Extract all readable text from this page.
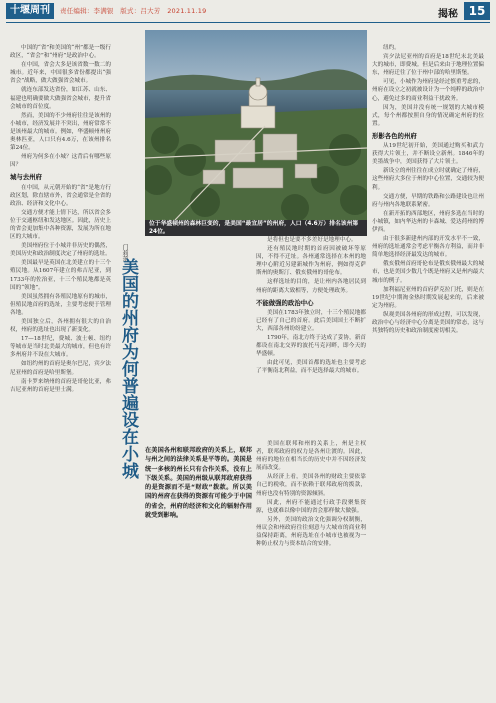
十堰周刊	责任编辑：李满银　版式：吕大芳　2021.11.19	揭秘 15

中国的“省”和美国的“州”都是一级行政区，“省会”和“州府”是政治中心。

在中国，省会大多是该省数一数二的城市。近年来，中国很多省份都提出“强省会”战略，做大做强省会城市。

就连东部发达省份，如江苏、山东、福建也明确要做大做强省会城市，提升省会城市的首位度。

然而，美国的不少州府往往是该州的小城市，经济发展并不突出，州府常常不是该州最大的城市。例如，华盛顿州州府奥林匹亚，人口只有4.6万，在该州排名第24位。

州府为何多在小城？这背后有哪些原因？

城与去州府

在中国，从元朝开始的“省”是地方行政区划，除直辖市外，省会通常是全省的政治、经济和文化中心。

交通方便才能上情下达，所以省会多位于交通枢纽和发达地区。因此，历史上的省会更加集中各种资源，发展为所在地区的大城市。

美国州府位于小城并非历史的偶然，美国历史和政治制度决定了州府的选址。

美国最早是英国在北美建立的十三个殖民地。从1607年建立的弗吉尼亚，到1733年的佐治亚，十三个殖民地都是英国的“领地”。

美国虽然拥有各殖民地原有的城市，但殖民地首府的选址，主要考虑便于管理各地。

美国独立后，各州拥有很大的自治权，州府的选址也出现了新变化。

17—18世纪，费城、波士顿、纽约等城市是当时北美最大的城市，但也有许多州府并不设在大城市。

如纽约州的首府是奥尔巴尼，宾夕法尼亚州的首府是哈里斯堡。

南卡罗来纳州的首府是哥伦比亚，弗吉尼亚州的首府是里士满。

位于华盛顿州的森林巨变的，是美国“最宜居”的州府，人口（4.6万）排名该州第24位。
门莉蕾
美国的州府为何普遍设在小城

是将但也是要不多差好是地理中心。

还有殖民地时期的首府因被破坏等原因，不得不迁址。各州通常选择在本州的地理中心附近另建新城作为州府，例如得克萨斯州的奥斯汀、俄亥俄州的哥伦布。

这样选址的目的，是让州内各地居民到州府的距离大致相等，方便处理政务。

不能做强的政治中心

美国在1783年独立时，十三个殖民地都已经有了自己的首府。此后美国国土不断扩大，西部各州纷纷建立。

1790年，南北方终于达成了妥协，新首都设在南北交界的波托马克河畔，即今天的华盛顿。

由此可见，美国首都的选址也主要考虑了平衡南北利益，而不是选择最大的城市。

在美国各州和联邦政府的关系上，联邦与州之间的法律关系是平等的。美国是统一多核的州长只有合作关系，没有上下级关系。美国的州级从联邦政府获得的是资源而不是“财政”拨款。所以美国的州府在获得的资源有可能少于中国的省会，州府的经济和文化的辐射作用就受到影响。

美国在联邦和州的关系上，州是主权者，联邦政府的权力是各州让渡的。因此，州府的地位在相当长的历史中并不因经济发展而改变。

从经济上看，美国各州的财政主要依靠自己的税收，而不依赖于联邦政府的拨款，州府也没有特别的资源倾斜。

因此，州府不能通过行政手段聚集资源，也就难以像中国的省会那样做大做强。

另外，美国的政治文化强调分权制衡，州议会和州政府往往刻意与大城市的商业利益保持距离，州府选址在小城市也被视为一种防止权力与资本结合的安排。

纽约。

宾夕法尼亚州的首府是18世纪末北美最大的城市，即费城。但是后来由于地理位置偏东，州府迁往了位于州中部的哈里斯堡。

可见，小城作为州府是经过慎重考虑的，州府在设立之初就被设计为一个纯粹的政治中心，避免过多的商业利益干扰政务。

因为，美国并没有统一规划的大城市模式，每个州都按照自身的情况确定州府的位置。

形影各色的州府

从19世纪初开始，美国通过购买和武力获得大片领土，并不断设立新州。1846年的美墨战争中，美国获得了大片领土。

新设立的州往往在成立时就确定了州府，这些州府大多位于州的中心位置，交通较为便利。

交通方便，早期的铁路和公路建设也让州府与州内各地联系紧密。

在新开拓的西部地区，州府多选在当时的小城镇，如内华达州的卡森城、爱达荷州的博伊西。

由于很多新建州内部的开发水平不一致，州府的选址通常会考虑平衡各方利益，而并非简单地选择经济最发达的城市。

俄亥俄州首府哥伦布是俄亥俄州最大的城市，也是美国少数几个既是州府又是州内最大城市的例子。

加利福尼亚州的首府萨克拉门托，则是在19世纪中期淘金热时期发展起来的，后来被定为州府。

纵观美国各州府的形成过程，可以发现，政治中心与经济中心分离是美国的常态，这与其独特的历史和政治制度密切相关。
